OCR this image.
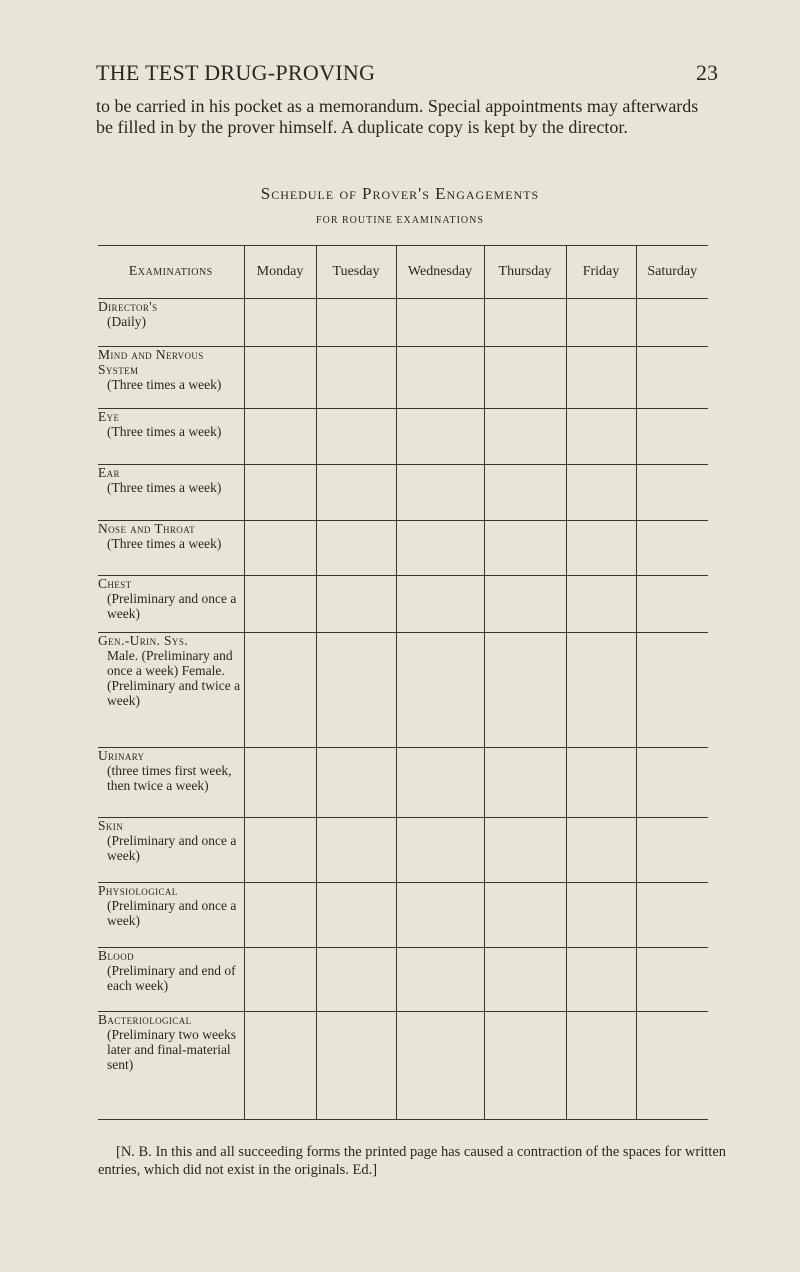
THE TEST DRUG-PROVING	23

to be carried in his pocket as a memorandum. Special appointments may afterwards be filled in by the prover himself. A duplicate copy is kept by the director.

Schedule of Prover's Engagements
FOR ROUTINE EXAMINATIONS
Examinations	Monday	Tuesday	Wednesday	Thursday	Friday	Saturday

Director's
(Daily)						

Mind and Nervous System
(Three times a week)						

Eye
(Three times a week)						

Ear
(Three times a week)						

Nose and Throat
(Three times a week)						

Chest
(Preliminary and once a week)						

Gen.-Urin. Sys.
Male. (Preliminary and once a week) Female. (Preliminary and twice a week)						

Urinary
(three times first week, then twice a week)						

Skin
(Preliminary and once a week)						

Physiological
(Preliminary and once a week)						

Blood
(Preliminary and end of each week)						

Bacteriological
(Preliminary two weeks later and final-material sent)						

[N. B. In this and all succeeding forms the printed page has caused a contraction of the spaces for written entries, which did not exist in the originals. Ed.]
